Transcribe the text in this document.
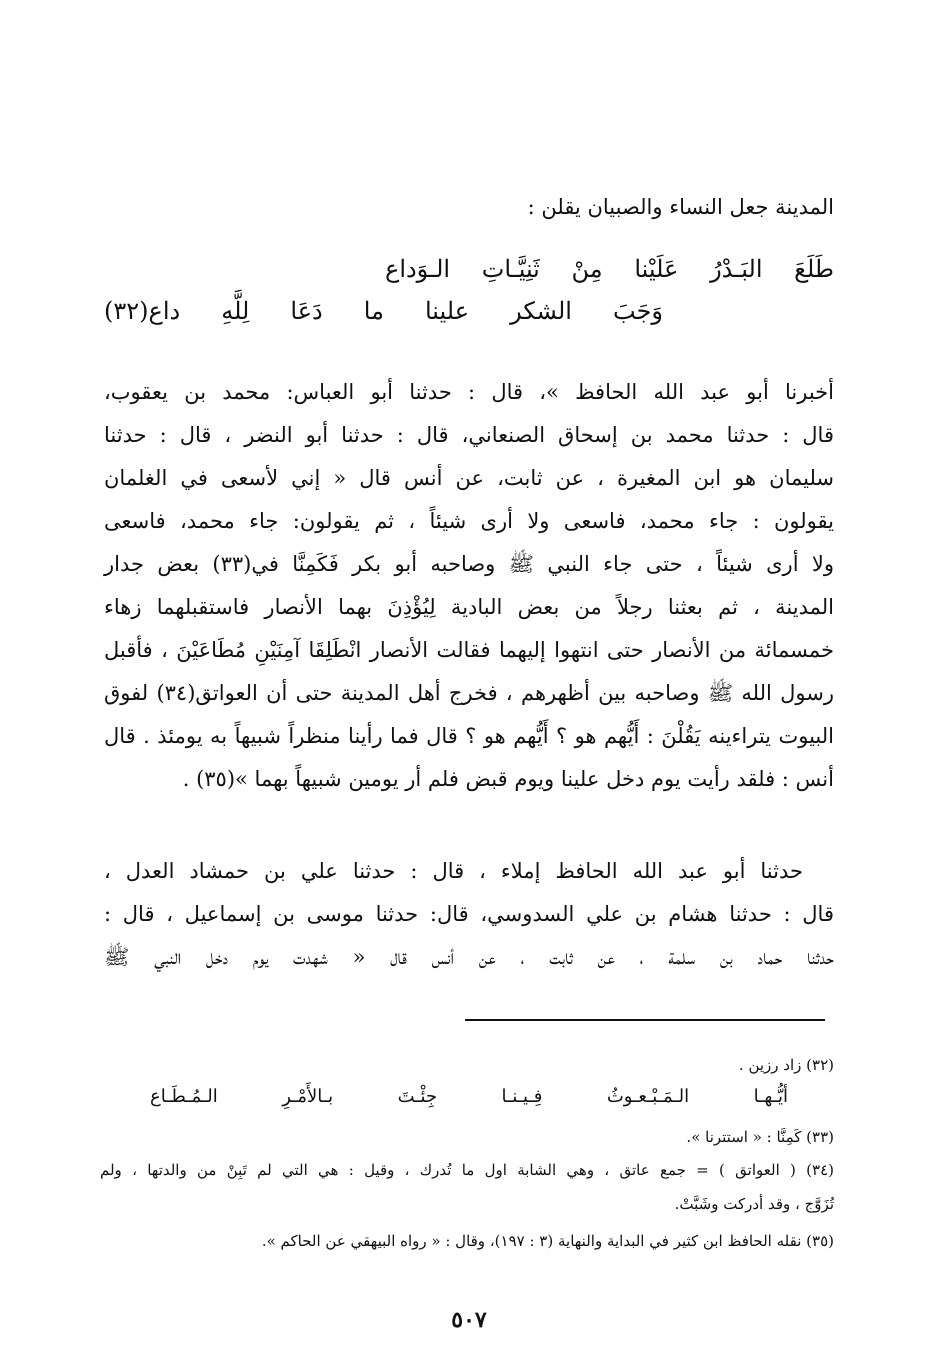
المدينة جعل النساء والصبيان يقلن :
طَلَعَ البَـدْرُ عَلَيْنا مِنْ ثَنِيَّـاتِ الـوَداع
وَجَبَ الشكر علينا ما دَعَا لِلَّهِ داع(٣٢)
أخبرنا أبو عبد الله الحافظ »، قال : حدثنا أبو العباس: محمد بن يعقوب،
قال : حدثنا محمد بن إسحاق الصنعاني، قال : حدثنا أبو النضر ، قال : حدثنا
سليمان هو ابن المغيرة ، عن ثابت، عن أنس قال « إني لأسعى في الغلمان
يقولون : جاء محمد، فاسعى ولا أرى شيئاً ، ثم يقولون: جاء محمد، فاسعى
ولا أرى شيئاً ، حتى جاء النبي ﷺ وصاحبه أبو بكر فَكَمِنَّا في(٣٣) بعض جدار
المدينة ، ثم بعثنا رجلاً من بعض البادية لِيُؤْذِنَ بهما الأنصار فاستقبلهما زهاء
خمسمائة من الأنصار حتى انتهوا إليهما فقالت الأنصار انْطَلِقَا آمِنَيْنِ مُطَاعَيْنَ ، فأقبل
رسول الله ﷺ وصاحبه بين أظهرهم ، فخرج أهل المدينة حتى أن العواتق(٣٤) لفوق
البيوت يتراءينه يَقُلْنَ : أَيُّهم هو ؟ أَيُّهم هو ؟ قال فما رأينا منظراً شبيهاً به يومئذ . قال
أنس : فلقد رأيت يوم دخل علينا ويوم قبض فلم أر يومين شبيهاً بهما »(٣٥) .
حدثنا أبو عبد الله الحافظ إملاء ، قال : حدثنا علي بن حمشاد العدل ،
قال : حدثنا هشام بن علي السدوسي، قال: حدثنا موسى بن إسماعيل ، قال :
حدثنا حماد بن سلمة ، عن ثابت ، عن أنس قال « شهدت يوم دخل النبي ﷺ
(٣٢) زاد رزين .
أيُّـهـا الـمَـبْـعـوثُ فِـيـنـا جِئْـتَ بـالأَمْـرِ الـمُـطَـاع
(٣٣) كَمِنَّا : « استترنا ».
(٣٤) ( العواتق ) = جمع عاتق ، وهي الشابة اول ما تُدرك ، وقيل : هي التي لم تَبِنْ من والدتها ، ولم
تُزَوَّج ، وقد أدركت وشَبَّتْ.
(٣٥) نقله الحافظ ابن كثير في البداية والنهاية (٣ : ١٩٧)، وقال : « رواه البيهقي عن الحاكم ».
٥٠٧
